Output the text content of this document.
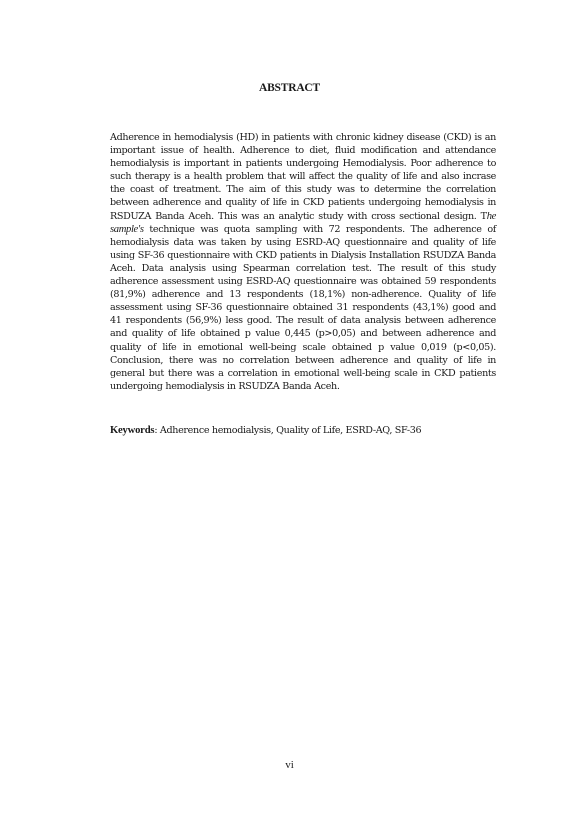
ABSTRACT

Adherence in hemodialysis (HD) in patients with chronic kidney disease (CKD) is an important issue of health. Adherence to diet, fluid modification and attendance hemodialysis is important in patients undergoing Hemodialysis. Poor adherence to such therapy is a health problem that will affect the quality of life and also incrase the coast of treatment. The aim of this study was to determine the correlation between adherence and quality of life in CKD patients undergoing hemodialysis in RSDUZA Banda Aceh. This was an analytic study with cross sectional design. The sample's technique was quota sampling with 72 respondents. The adherence of hemodialysis data was taken by using ESRD-AQ questionnaire and quality of life using SF-36 questionnaire with CKD patients in Dialysis Installation RSUDZA Banda Aceh. Data analysis using Spearman correlation test. The result of this study adherence assessment using ESRD-AQ questionnaire was obtained 59 respondents (81,9%) adherence and 13 respondents (18,1%) non-adherence. Quality of life assessment using SF-36 questionnaire obtained 31 respondents (43,1%) good and 41 respondents (56,9%) less good. The result of data analysis between adherence and quality of life obtained p value 0,445 (p>0,05) and between adherence and quality of life in emotional well-being scale obtained p value 0,019 (p<0,05). Conclusion, there was no correlation between adherence and quality of life in general but there was a correlation in emotional well-being scale in CKD patients undergoing hemodialysis in RSUDZA Banda Aceh.

Keywords: Adherence hemodialysis, Quality of Life, ESRD-AQ, SF-36

vi
